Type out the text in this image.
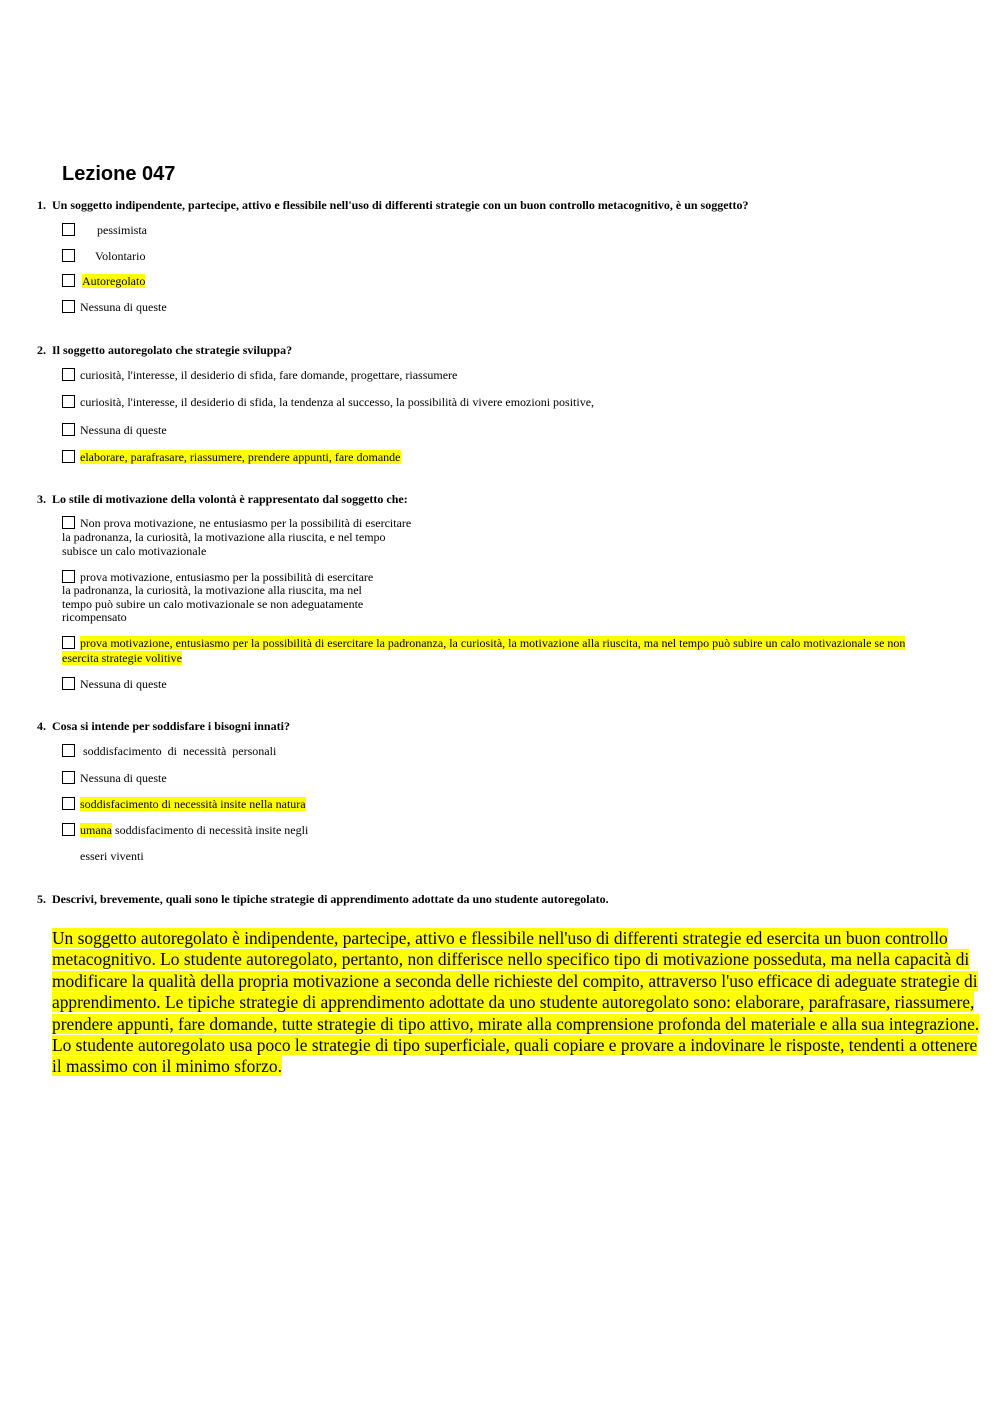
Lezione 047
1. Un soggetto indipendente, partecipe, attivo e flessibile nell'uso di differenti strategie con un buon controllo metacognitivo, è un soggetto?
pessimista
Volontario
Autoregolato
Nessuna di queste
2. Il soggetto autoregolato che strategie sviluppa?
curiosità, l'interesse, il desiderio di sfida, fare domande, progettare, riassumere
curiosità, l'interesse, il desiderio di sfida, la tendenza al successo, la possibilità di vivere emozioni positive,
Nessuna di queste
elaborare, parafrasare, riassumere, prendere appunti, fare domande
3. Lo stile di motivazione della volontà è rappresentato dal soggetto che:
Non prova motivazione, ne entusiasmo per la possibilità di esercitare
la padronanza, la curiosità, la motivazione alla riuscita, e nel tempo
subisce un calo motivazionale
prova motivazione, entusiasmo per la possibilità di esercitare
la padronanza, la curiosità, la motivazione alla riuscita, ma nel
tempo può subire un calo motivazionale se non adeguatamente
ricompensato
prova motivazione, entusiasmo per la possibilità di esercitare la padronanza, la curiosità, la motivazione alla riuscita, ma nel tempo può subire un calo motivazionale se non esercita strategie volitive
Nessuna di queste
4. Cosa si intende per soddisfare i bisogni innati?
soddisfacimento  di  necessità  personali
Nessuna di queste
soddisfacimento di necessità insite nella natura
umana soddisfacimento di necessità insite negli
esseri viventi
5. Descrivi, brevemente, quali sono le tipiche strategie di apprendimento adottate da uno studente autoregolato.
Un soggetto autoregolato è indipendente, partecipe, attivo e flessibile nell'uso di differenti strategie ed esercita un buon controllo metacognitivo. Lo studente autoregolato, pertanto, non differisce nello specifico tipo di motivazione posseduta, ma nella capacità di modificare la qualità della propria motivazione a seconda delle richieste del compito, attraverso l'uso efficace di adeguate strategie di apprendimento. Le tipiche strategie di apprendimento adottate da uno studente autoregolato sono: elaborare, parafrasare, riassumere, prendere appunti, fare domande, tutte strategie di tipo attivo, mirate alla comprensione profonda del materiale e alla sua integrazione. Lo studente autoregolato usa poco le strategie di tipo superficiale, quali copiare e provare a indovinare le risposte, tendenti a ottenere il massimo con il minimo sforzo.
